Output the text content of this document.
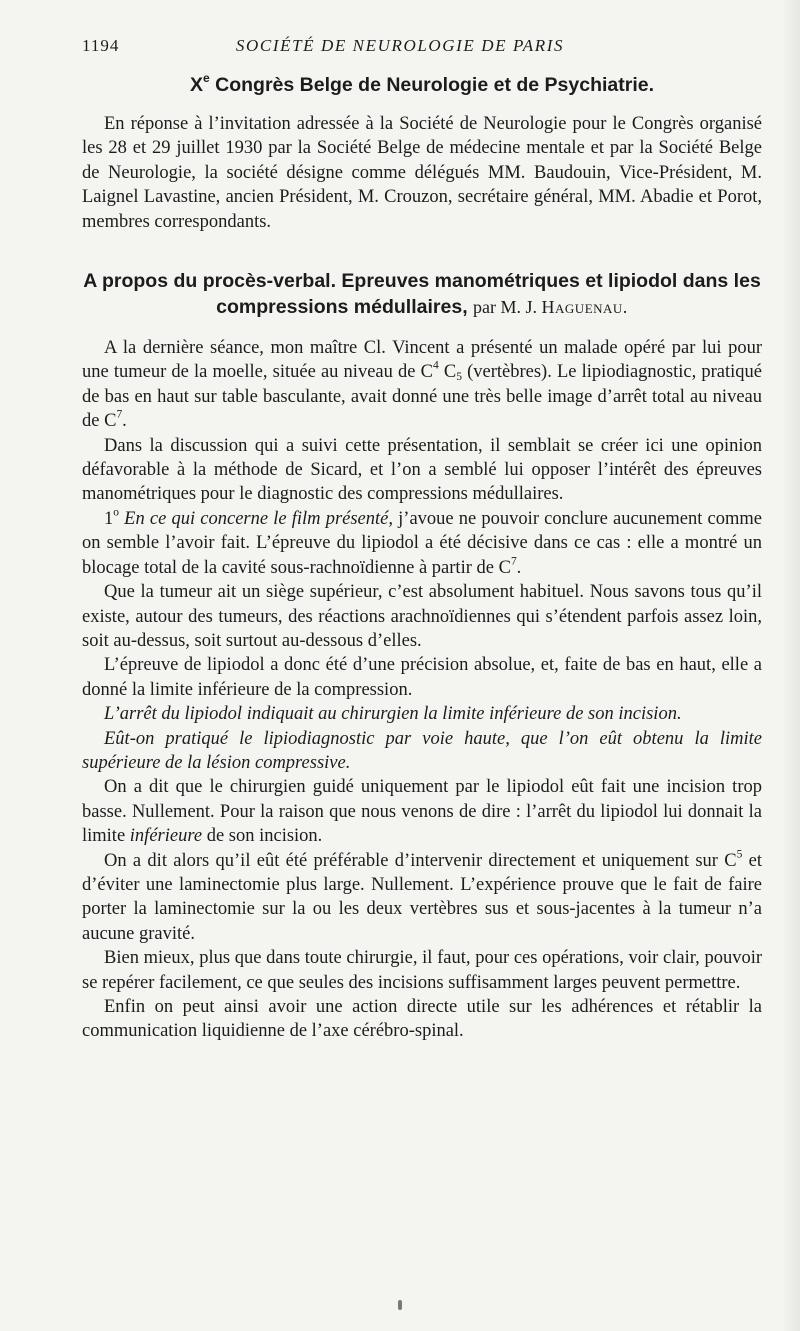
1194	SOCIÉTÉ DE NEUROLOGIE DE PARIS
Xe Congrès Belge de Neurologie et de Psychiatrie.

En réponse à l’invitation adressée à la Société de Neurologie pour le Congrès organisé les 28 et 29 juillet 1930 par la Société Belge de médecine mentale et par la Société Belge de Neurologie, la société désigne comme délégués MM. Baudouin, Vice-Président, M. Laignel Lavastine, ancien Président, M. Crouzon, secrétaire général, MM. Abadie et Porot, membres correspondants.

A propos du procès-verbal. Epreuves manométriques et lipiodol dans les compressions médullaires, par M. J. Haguenau.

A la dernière séance, mon maître Cl. Vincent a présenté un malade opéré par lui pour une tumeur de la moelle, située au niveau de $C^4$ $C_5$ (vertèbres). Le lipiodiagnostic, pratiqué de bas en haut sur table basculante, avait donné une très belle image d’arrêt total au niveau de $C^7$.

Dans la discussion qui a suivi cette présentation, il semblait se créer ici une opinion défavorable à la méthode de Sicard, et l’on a semblé lui opposer l’intérêt des épreuves manométriques pour le diagnostic des compressions médullaires.

1$^o$ En ce qui concerne le film présenté, j’avoue ne pouvoir conclure aucunement comme on semble l’avoir fait. L’épreuve du lipiodol a été décisive dans ce cas : elle a montré un blocage total de la cavité sous-rachnoïdienne à partir de $C^7$.

Que la tumeur ait un siège supérieur, c’est absolument habituel. Nous savons tous qu’il existe, autour des tumeurs, des réactions arachnoïdiennes qui s’étendent parfois assez loin, soit au-dessus, soit surtout au-dessous d’elles.

L’épreuve de lipiodol a donc été d’une précision absolue, et, faite de bas en haut, elle a donné la limite inférieure de la compression.

L’arrêt du lipiodol indiquait au chirurgien la limite inférieure de son incision.

Eût-on pratiqué le lipiodiagnostic par voie haute, que l’on eût obtenu la limite supérieure de la lésion compressive.

On a dit que le chirurgien guidé uniquement par le lipiodol eût fait une incision trop basse. Nullement. Pour la raison que nous venons de dire : l’arrêt du lipiodol lui donnait la limite inférieure de son incision.

On a dit alors qu’il eût été préférable d’intervenir directement et uniquement sur $C^5$ et d’éviter une laminectomie plus large. Nullement. L’expérience prouve que le fait de faire porter la laminectomie sur la ou les deux vertèbres sus et sous-jacentes à la tumeur n’a aucune gravité.

Bien mieux, plus que dans toute chirurgie, il faut, pour ces opérations, voir clair, pouvoir se repérer facilement, ce que seules des incisions suffisamment larges peuvent permettre.

Enfin on peut ainsi avoir une action directe utile sur les adhérences et rétablir la communication liquidienne de l’axe cérébro-spinal.
